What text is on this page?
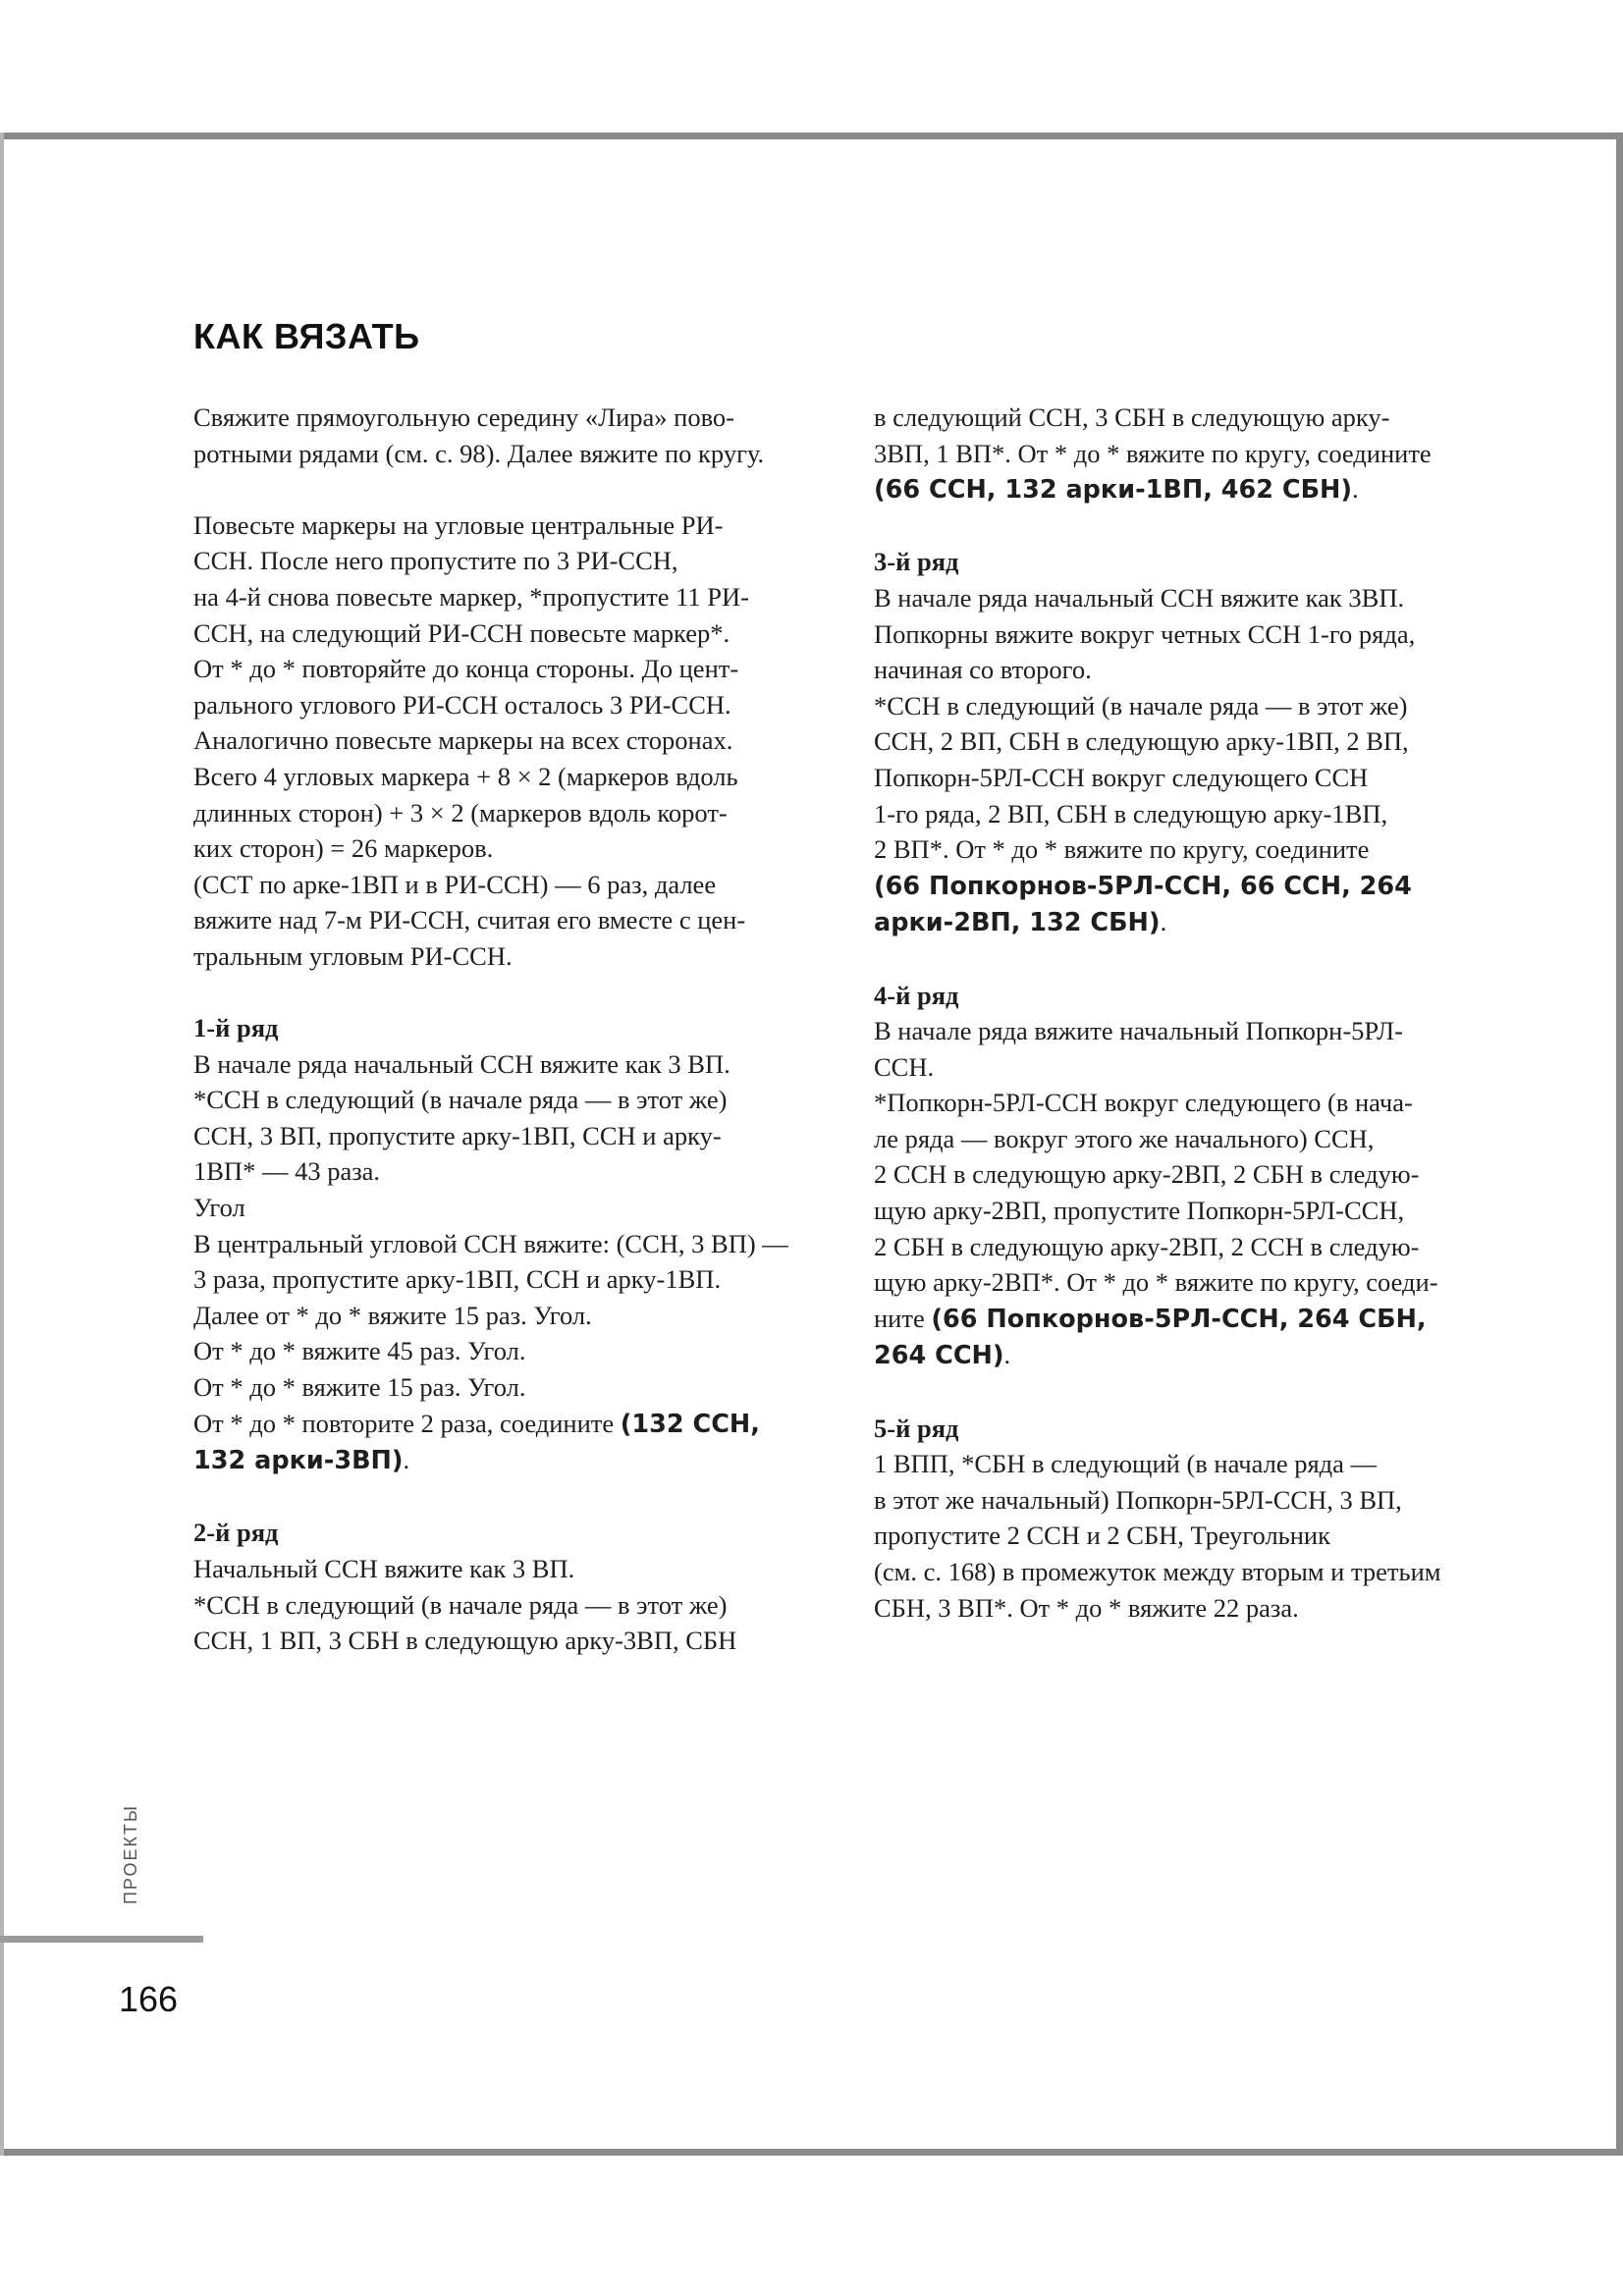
КАК ВЯЗАТЬ
Свяжите прямоугольную середину «Лира» пово-
ротными рядами (см. с. 98). Далее вяжите по кругу.
Повесьте маркеры на угловые центральные РИ-
ССН. После него пропустите по 3 РИ-ССН,
на 4-й снова повесьте маркер, *пропустите 11 РИ-
ССН, на следующий РИ-ССН повесьте маркер*.
От * до * повторяйте до конца стороны. До цент-
рального углового РИ-ССН осталось 3 РИ-ССН.
Аналогично повесьте маркеры на всех сторонах.
Всего 4 угловых маркера + 8 × 2 (маркеров вдоль
длинных сторон) + 3 × 2 (маркеров вдоль корот-
ких сторон) = 26 маркеров.
(ССТ по арке-1ВП и в РИ-ССН) — 6 раз, далее
вяжите над 7-м РИ-ССН, считая его вместе с цен-
тральным угловым РИ-ССН.
1-й ряд
В начале ряда начальный ССН вяжите как 3 ВП.
*ССН в следующий (в начале ряда — в этот же)
ССН, 3 ВП, пропустите арку-1ВП, ССН и арку-
1ВП* — 43 раза.
Угол
В центральный угловой ССН вяжите: (ССН, 3 ВП) —
3 раза, пропустите арку-1ВП, ССН и арку-1ВП.
Далее от * до * вяжите 15 раз. Угол.
От * до * вяжите 45 раз. Угол.
От * до * вяжите 15 раз. Угол.
От * до * повторите 2 раза, соедините (132 ССН,
132 арки-3ВП).
2-й ряд
Начальный ССН вяжите как 3 ВП.
*ССН в следующий (в начале ряда — в этот же)
ССН, 1 ВП, 3 СБН в следующую арку-3ВП, СБН
в следующий ССН, 3 СБН в следующую арку-
3ВП, 1 ВП*. От * до * вяжите по кругу, соедините
(66 ССН, 132 арки-1ВП, 462 СБН).
3-й ряд
В начале ряда начальный ССН вяжите как 3ВП.
Попкорны вяжите вокруг четных ССН 1-го ряда,
начиная со второго.
*ССН в следующий (в начале ряда — в этот же)
ССН, 2 ВП, СБН в следующую арку-1ВП, 2 ВП,
Попкорн-5РЛ-ССН вокруг следующего ССН
1-го ряда, 2 ВП, СБН в следующую арку-1ВП,
2 ВП*. От * до * вяжите по кругу, соедините
(66 Попкорнов-5РЛ-ССН, 66 ССН, 264
арки-2ВП, 132 СБН).
4-й ряд
В начале ряда вяжите начальный Попкорн-5РЛ-
ССН.
*Попкорн-5РЛ-ССН вокруг следующего (в нача-
ле ряда — вокруг этого же начального) ССН,
2 ССН в следующую арку-2ВП, 2 СБН в следую-
щую арку-2ВП, пропустите Попкорн-5РЛ-ССН,
2 СБН в следующую арку-2ВП, 2 ССН в следую-
щую арку-2ВП*. От * до * вяжите по кругу, соеди-
ните (66 Попкорнов-5РЛ-ССН, 264 СБН,
264 ССН).
5-й ряд
1 ВПП, *СБН в следующий (в начале ряда —
в этот же начальный) Попкорн-5РЛ-ССН, 3 ВП,
пропустите 2 ССН и 2 СБН, Треугольник
(см. с. 168) в промежуток между вторым и третьим
СБН, 3 ВП*. От * до * вяжите 22 раза.
ПРОЕКТЫ
166
